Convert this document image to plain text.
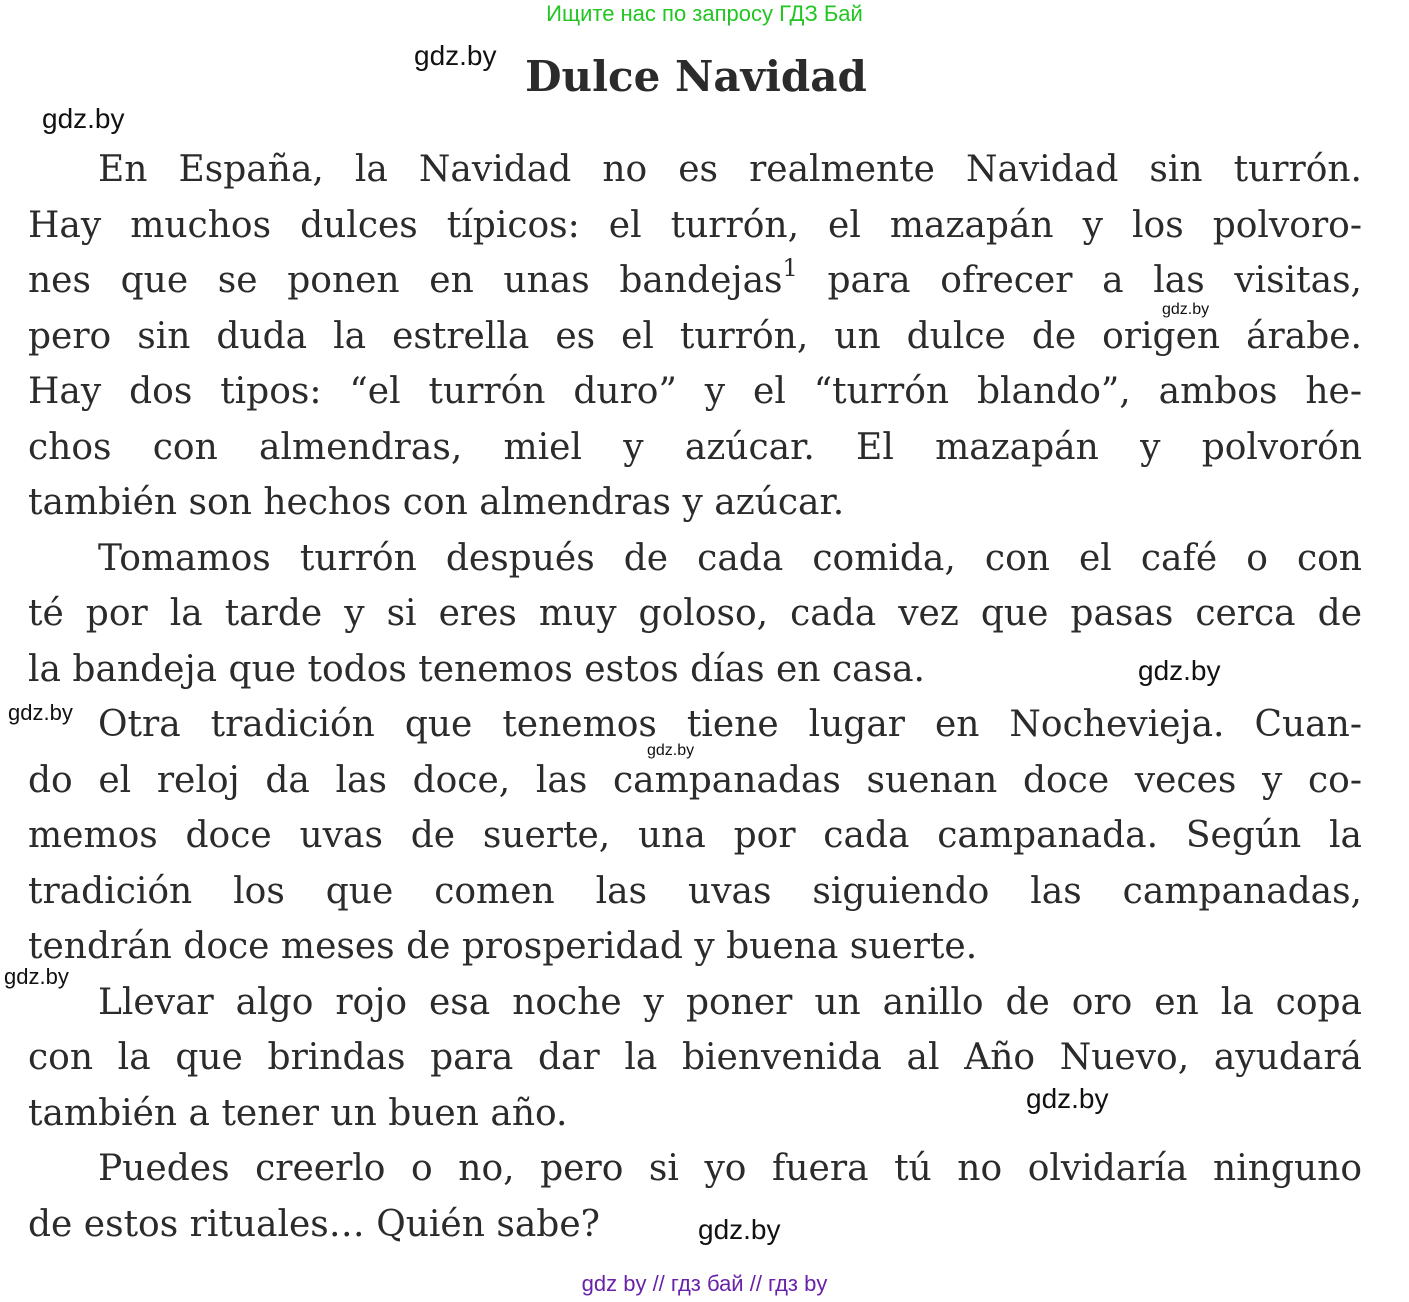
Ищите нас по запросу ГДЗ Бай
Dulce Navidad
En España, la Navidad no es realmente Navidad sin turrón.
Hay muchos dulces típicos: el turrón, el mazapán y los polvoro-
nes que se ponen en unas bandejas$^1$ para ofrecer a las visitas,
pero sin duda la estrella es el turrón, un dulce de origen árabe.
Hay dos tipos: “el turrón duro” y el “turrón blando”, ambos he-
chos con almendras, miel y azúcar. El mazapán y polvorón
también son hechos con almendras y azúcar.
Tomamos turrón después de cada comida, con el café o con
té por la tarde y si eres muy goloso, cada vez que pasas cerca de
la bandeja que todos tenemos estos días en casa.
Otra tradición que tenemos tiene lugar en Nochevieja. Cuan-
do el reloj da las doce, las campanadas suenan doce veces y co-
memos doce uvas de suerte, una por cada campanada. Según la
tradición los que comen las uvas siguiendo las campanadas,
tendrán doce meses de prosperidad y buena suerte.
Llevar algo rojo esa noche y poner un anillo de oro en la copa
con la que brindas para dar la bienvenida al Año Nuevo, ayudará
también a tener un buen año.
Puedes creerlo o no, pero si yo fuera tú no olvidaría ninguno
de estos rituales… Quién sabe?
gdz.by
gdz.by
gdz.by
gdz.by
gdz.by
gdz.by
gdz.by
gdz.by
gdz.by
gdz by // гдз бай // гдз by
